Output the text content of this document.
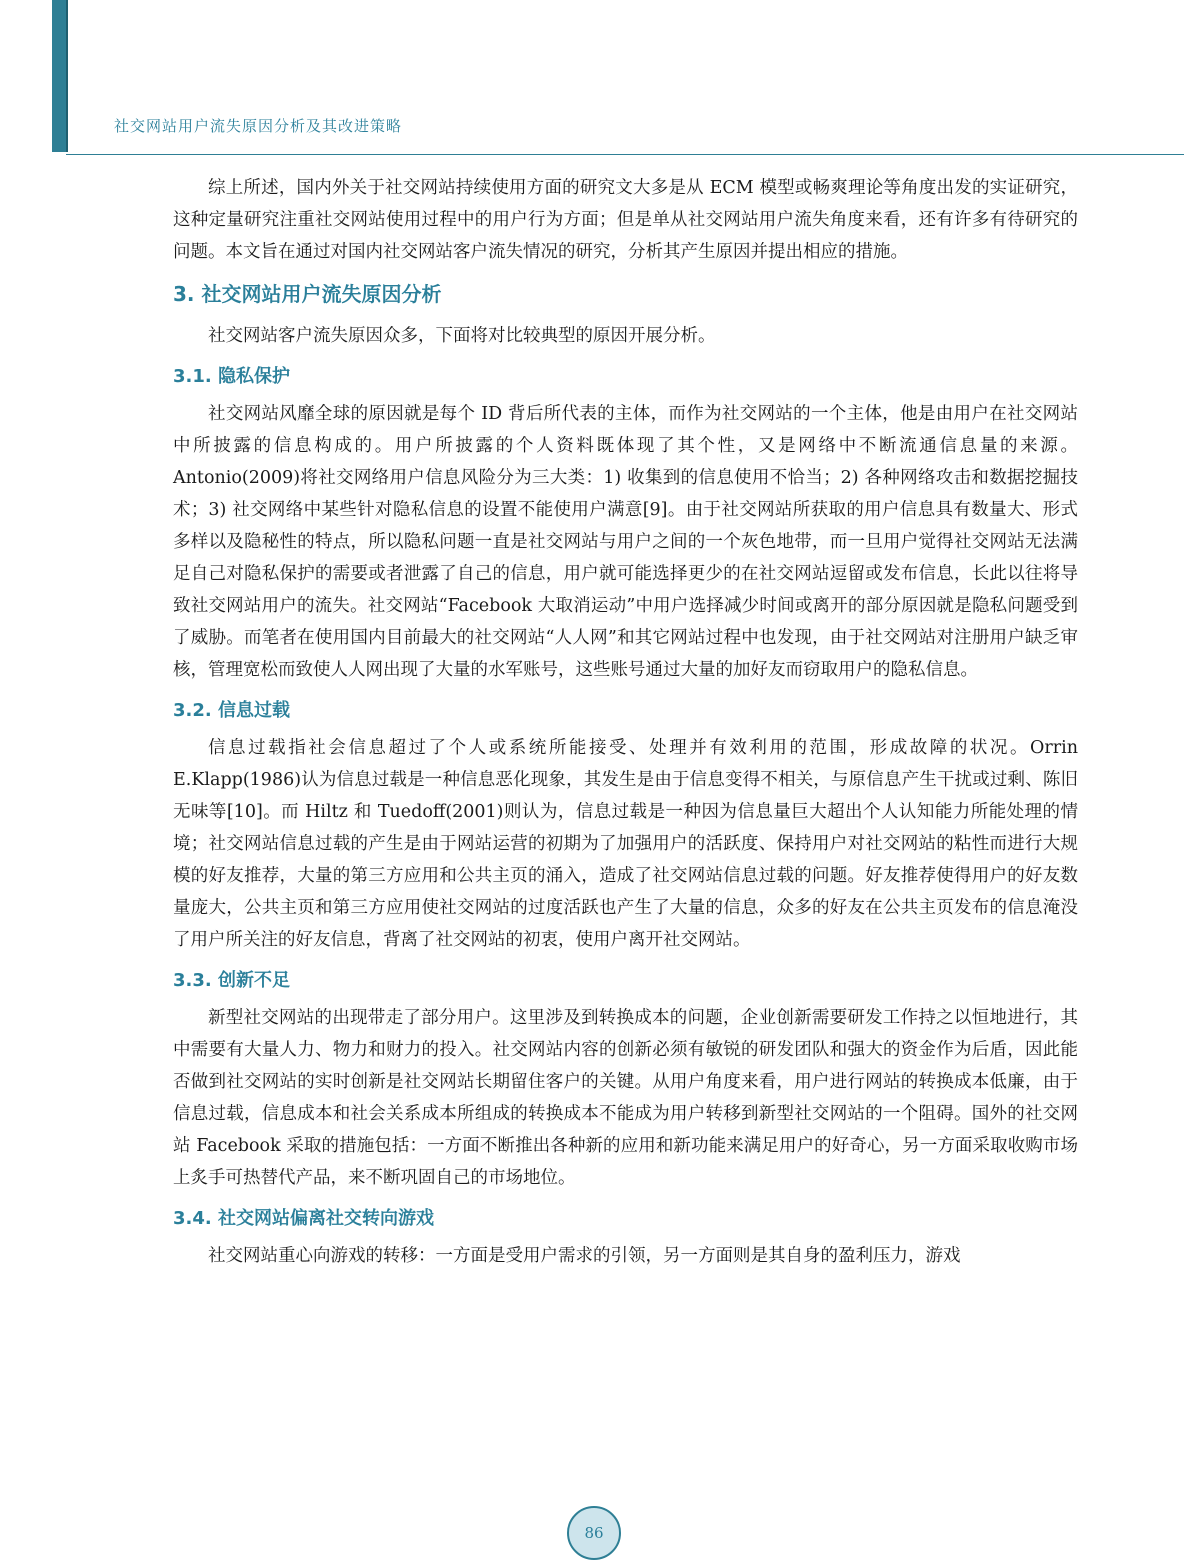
社交网站用户流失原因分析及其改进策略

综上所述，国内外关于社交网站持续使用方面的研究文大多是从 ECM 模型或畅爽理论等角度出发的实证研究，这种定量研究注重社交网站使用过程中的用户行为方面；但是单从社交网站用户流失角度来看，还有许多有待研究的问题。本文旨在通过对国内社交网站客户流失情况的研究，分析其产生原因并提出相应的措施。

3. 社交网站用户流失原因分析

社交网站客户流失原因众多，下面将对比较典型的原因开展分析。

3.1. 隐私保护

社交网站风靡全球的原因就是每个 ID 背后所代表的主体，而作为社交网站的一个主体，他是由用户在社交网站中所披露的信息构成的。用户所披露的个人资料既体现了其个性，又是网络中不断流通信息量的来源。Antonio(2009)将社交网络用户信息风险分为三大类：1) 收集到的信息使用不恰当；2) 各种网络攻击和数据挖掘技术；3) 社交网络中某些针对隐私信息的设置不能使用户满意[9]。由于社交网站所获取的用户信息具有数量大、形式多样以及隐秘性的特点，所以隐私问题一直是社交网站与用户之间的一个灰色地带，而一旦用户觉得社交网站无法满足自己对隐私保护的需要或者泄露了自己的信息，用户就可能选择更少的在社交网站逗留或发布信息，长此以往将导致社交网站用户的流失。社交网站“Facebook 大取消运动”中用户选择减少时间或离开的部分原因就是隐私问题受到了威胁。而笔者在使用国内目前最大的社交网站“人人网”和其它网站过程中也发现，由于社交网站对注册用户缺乏审核，管理宽松而致使人人网出现了大量的水军账号，这些账号通过大量的加好友而窃取用户的隐私信息。

3.2. 信息过载

信息过载指社会信息超过了个人或系统所能接受、处理并有效利用的范围，形成故障的状况。Orrin E.Klapp(1986)认为信息过载是一种信息恶化现象，其发生是由于信息变得不相关，与原信息产生干扰或过剩、陈旧无味等[10]。而 Hiltz 和 Tuedoff(2001)则认为，信息过载是一种因为信息量巨大超出个人认知能力所能处理的情境；社交网站信息过载的产生是由于网站运营的初期为了加强用户的活跃度、保持用户对社交网站的粘性而进行大规模的好友推荐，大量的第三方应用和公共主页的涌入，造成了社交网站信息过载的问题。好友推荐使得用户的好友数量庞大，公共主页和第三方应用使社交网站的过度活跃也产生了大量的信息，众多的好友在公共主页发布的信息淹没了用户所关注的好友信息，背离了社交网站的初衷，使用户离开社交网站。

3.3. 创新不足

新型社交网站的出现带走了部分用户。这里涉及到转换成本的问题，企业创新需要研发工作持之以恒地进行，其中需要有大量人力、物力和财力的投入。社交网站内容的创新必须有敏锐的研发团队和强大的资金作为后盾，因此能否做到社交网站的实时创新是社交网站长期留住客户的关键。从用户角度来看，用户进行网站的转换成本低廉，由于信息过载，信息成本和社会关系成本所组成的转换成本不能成为用户转移到新型社交网站的一个阻碍。国外的社交网站 Facebook 采取的措施包括：一方面不断推出各种新的应用和新功能来满足用户的好奇心，另一方面采取收购市场上炙手可热替代产品，来不断巩固自己的市场地位。

3.4. 社交网站偏离社交转向游戏

社交网站重心向游戏的转移：一方面是受用户需求的引领，另一方面则是其自身的盈利压力，游戏

86
